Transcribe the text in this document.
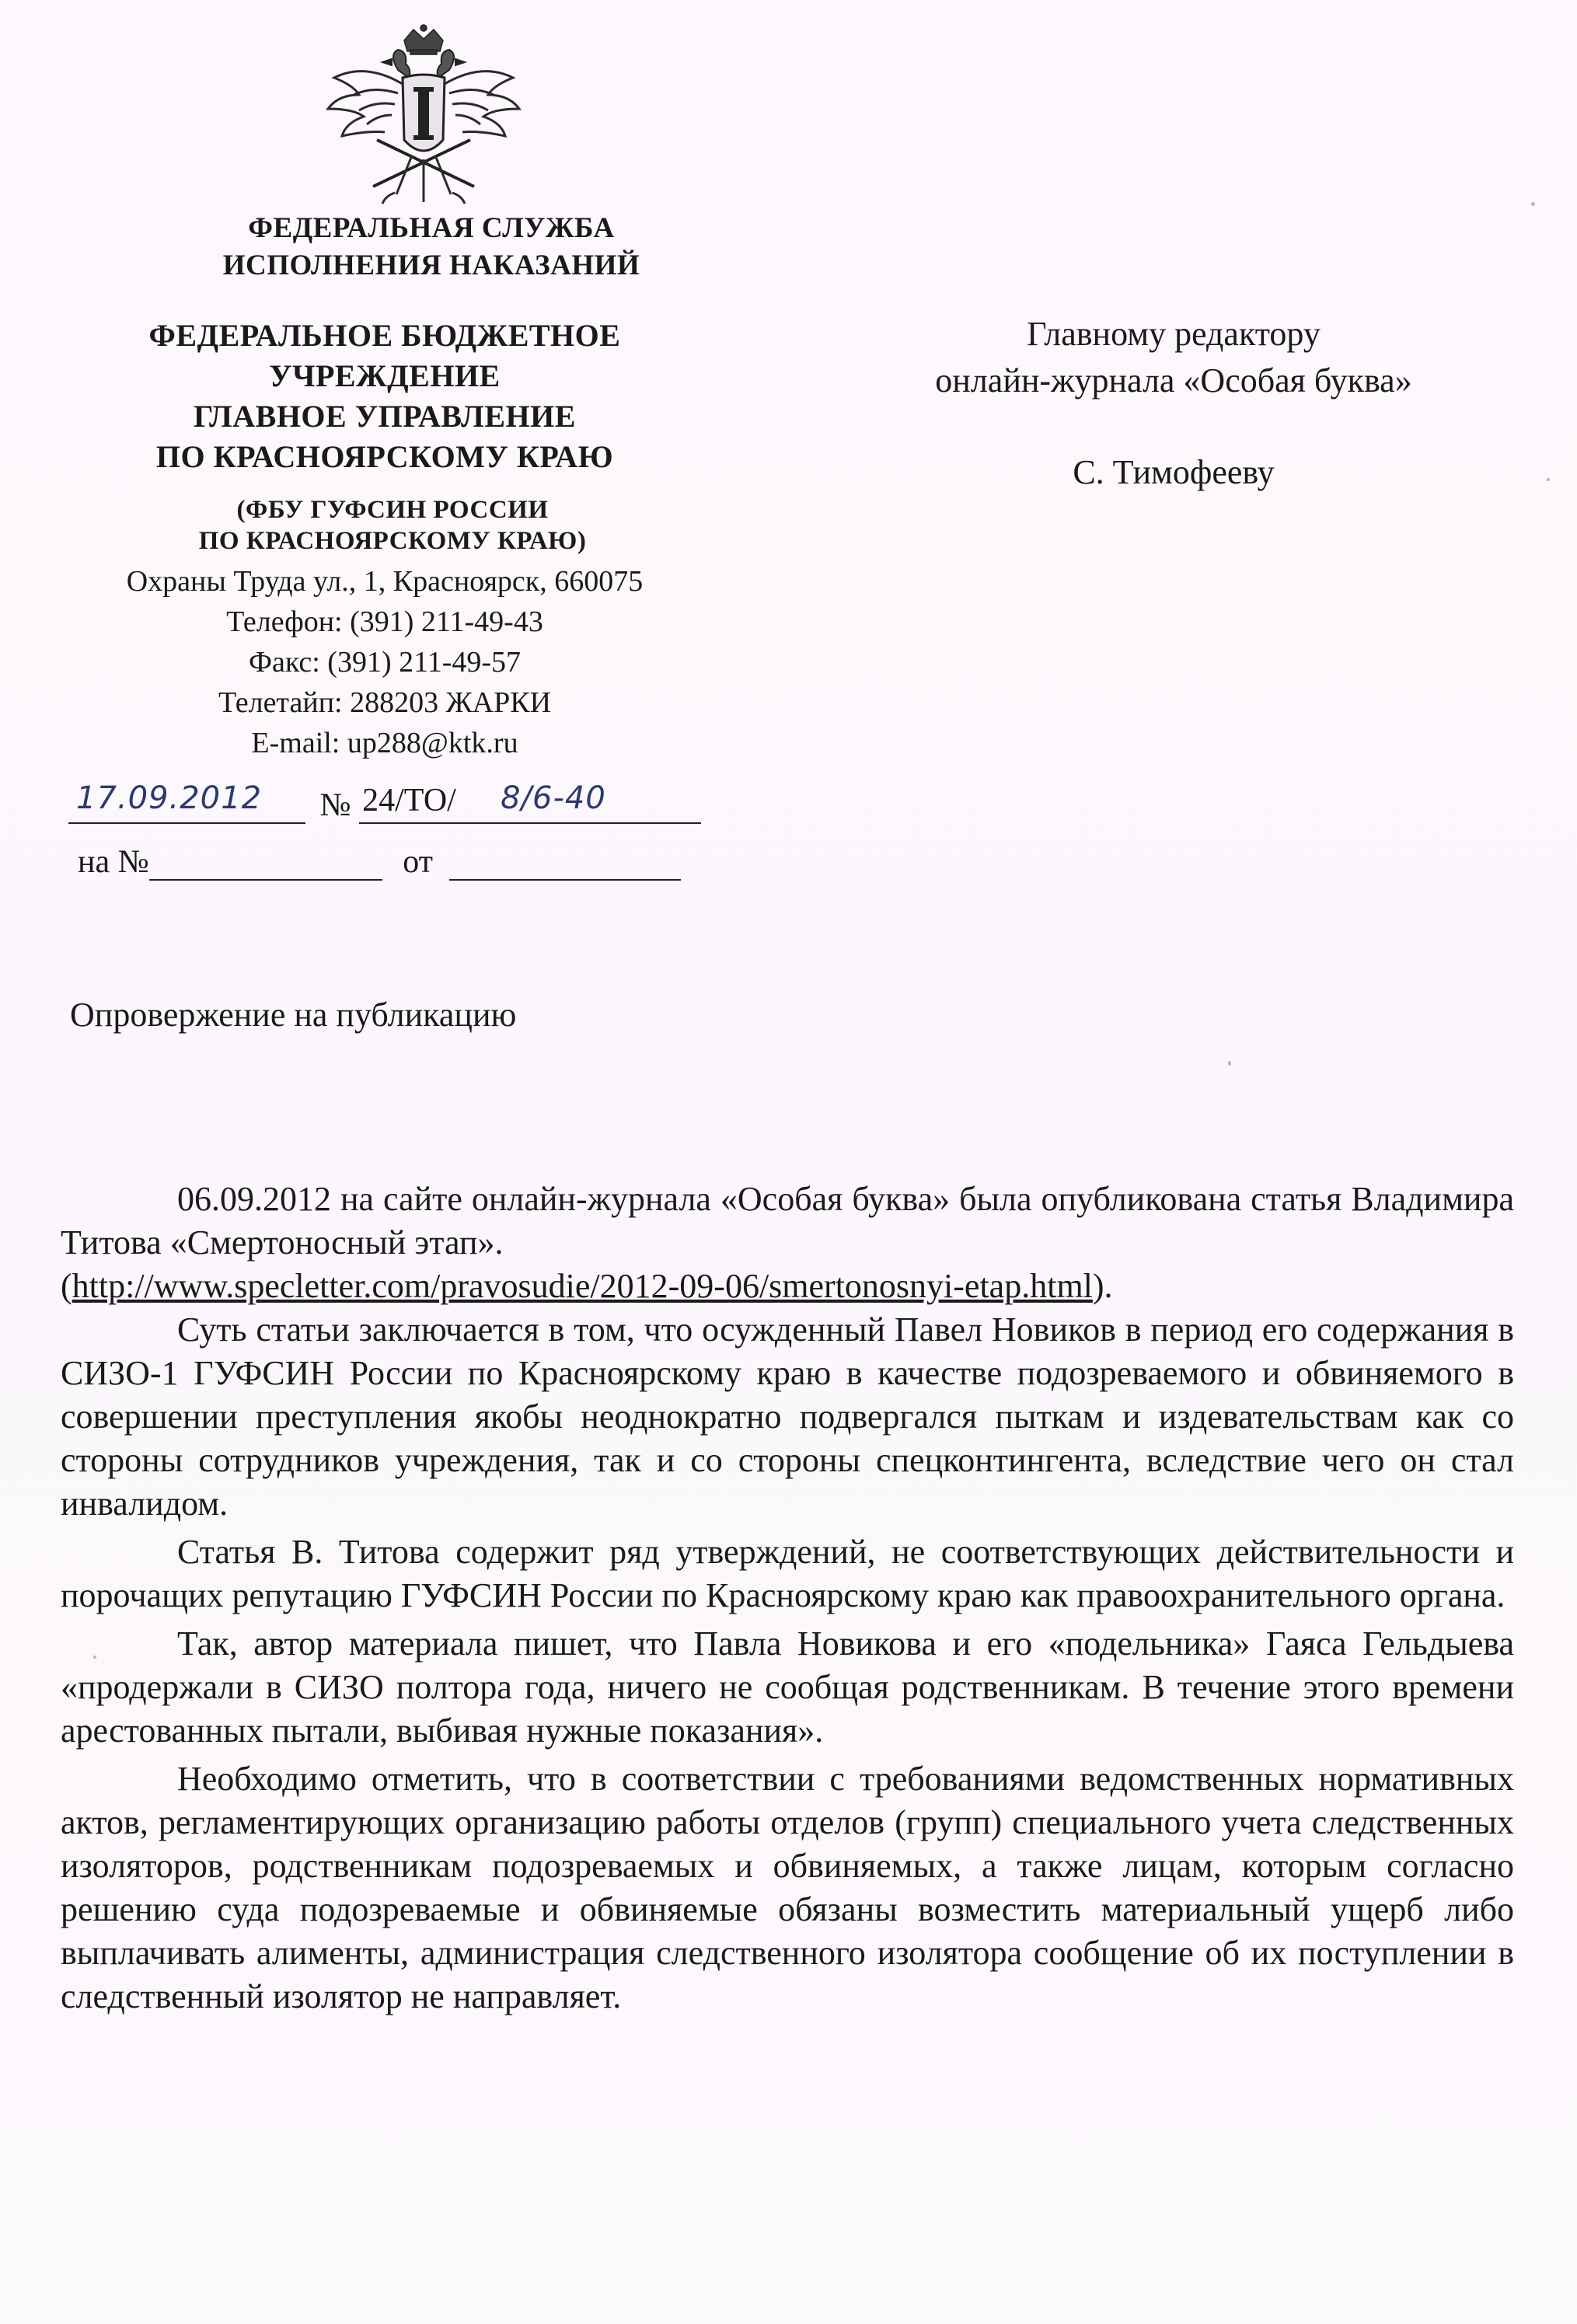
ФЕДЕРАЛЬНАЯ СЛУЖБА
ИСПОЛНЕНИЯ НАКАЗАНИЙ
ФЕДЕРАЛЬНОЕ БЮДЖЕТНОЕ
УЧРЕЖДЕНИЕ
ГЛАВНОЕ УПРАВЛЕНИЕ
ПО КРАСНОЯРСКОМУ КРАЮ
(ФБУ ГУФСИН РОССИИ
ПО КРАСНОЯРСКОМУ КРАЮ)
Охраны Труда ул., 1, Красноярск, 660075
Телефон: (391) 211-49-43
Факс: (391) 211-49-57
Телетайп: 288203 ЖАРКИ
E-mail: up288@ktk.ru
17.09.2012 № 24/ТО/ 8/6-40
на №	от
Главному редактору
онлайн-журнала «Особая буква»
С. Тимофееву
Опровержение на публикацию

06.09.2012 на сайте онлайн-журнала «Особая буква» была опубликована статья Владимира Титова «Смертоносный этап».

(http://www.specletter.com/pravosudie/2012-09-06/smertonosnyi-etap.html).

Суть статьи заключается в том, что осужденный Павел Новиков в период его содержания в СИЗО-1 ГУФСИН России по Красноярскому краю в качестве подозреваемого и обвиняемого в совершении преступления якобы неоднократно подвергался пыткам и издевательствам как со стороны сотрудников учреждения, так и со стороны спецконтингента, вследствие чего он стал инвалидом.

Статья В. Титова содержит ряд утверждений, не соответствующих действительности и порочащих репутацию ГУФСИН России по Красноярскому краю как правоохранительного органа.

Так, автор материала пишет, что Павла Новикова и его «подельника» Гаяса Гельдыева «продержали в СИЗО полтора года, ничего не сообщая родственникам. В течение этого времени арестованных пытали, выбивая нужные показания».

Необходимо отметить, что в соответствии с требованиями ведомственных нормативных актов, регламентирующих организацию работы отделов (групп) специального учета следственных изоляторов, родственникам подозреваемых и обвиняемых, а также лицам, которым согласно решению суда подозреваемые и обвиняемые обязаны возместить материальный ущерб либо выплачивать алименты, администрация следственного изолятора сообщение об их поступлении в следственный изолятор не направляет.
